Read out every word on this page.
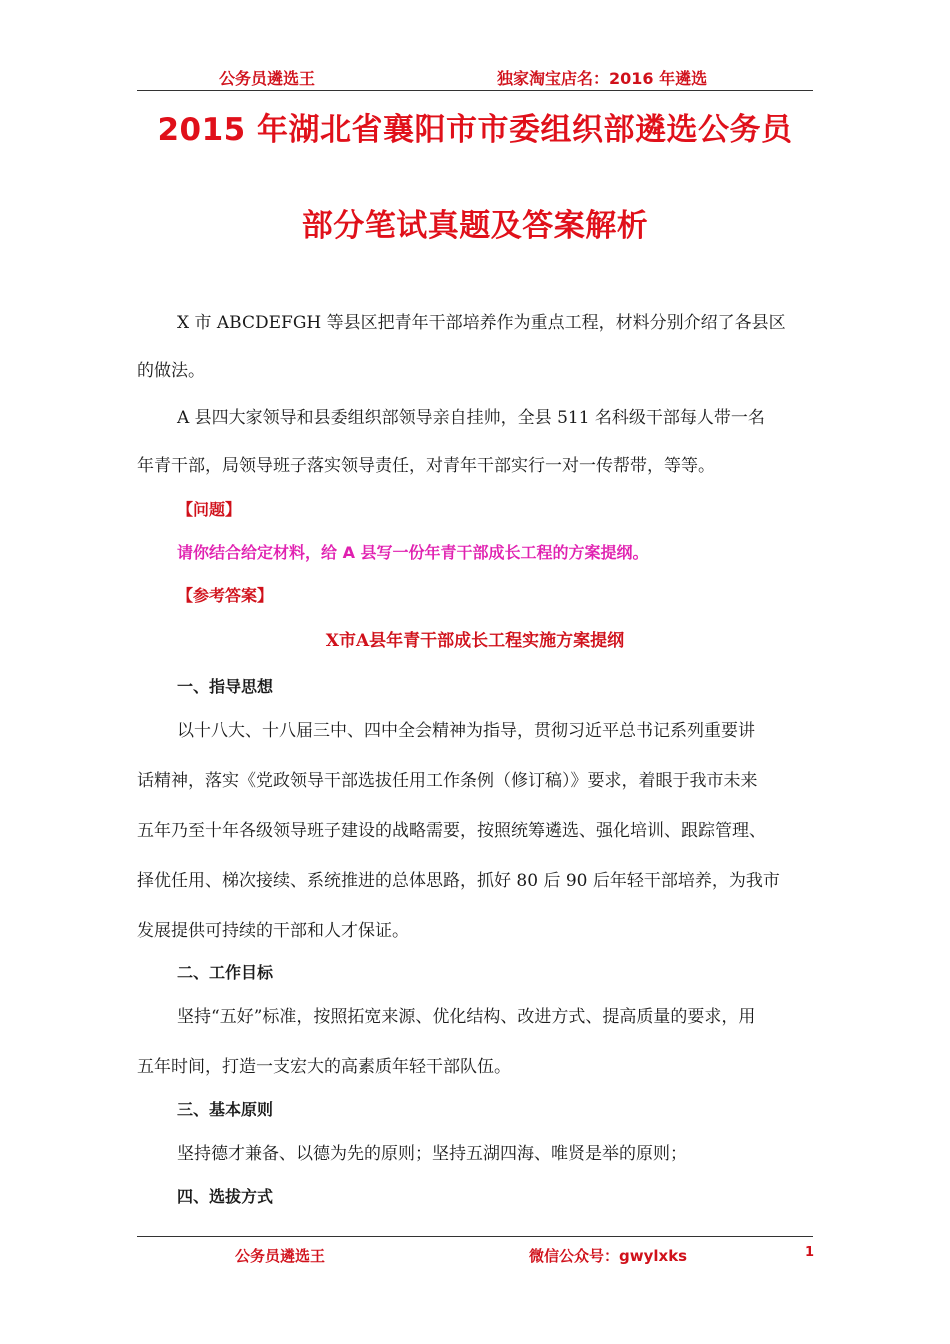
公务员遴选王	独家淘宝店名：2016 年遴选
2015 年湖北省襄阳市市委组织部遴选公务员
部分笔试真题及答案解析
X 市 ABCDEFGH 等县区把青年干部培养作为重点工程，材料分别介绍了各县区
的做法。
A 县四大家领导和县委组织部领导亲自挂帅，全县 511 名科级干部每人带一名
年青干部，局领导班子落实领导责任，对青年干部实行一对一传帮带，等等。
【问题】
请你结合给定材料，给 A 县写一份年青干部成长工程的方案提纲。
【参考答案】
X市A县年青干部成长工程实施方案提纲
一、指导思想
以十八大、十八届三中、四中全会精神为指导，贯彻习近平总书记系列重要讲
话精神，落实《党政领导干部选拔任用工作条例（修订稿）》要求，着眼于我市未来
五年乃至十年各级领导班子建设的战略需要，按照统筹遴选、强化培训、跟踪管理、
择优任用、梯次接续、系统推进的总体思路，抓好 80 后 90 后年轻干部培养，为我市
发展提供可持续的干部和人才保证。
二、工作目标
坚持“五好”标准，按照拓宽来源、优化结构、改进方式、提高质量的要求，用
五年时间，打造一支宏大的高素质年轻干部队伍。
三、基本原则
坚持德才兼备、以德为先的原则；坚持五湖四海、唯贤是举的原则；
四、选拔方式
公务员遴选王	微信公众号：gwylxks	1
